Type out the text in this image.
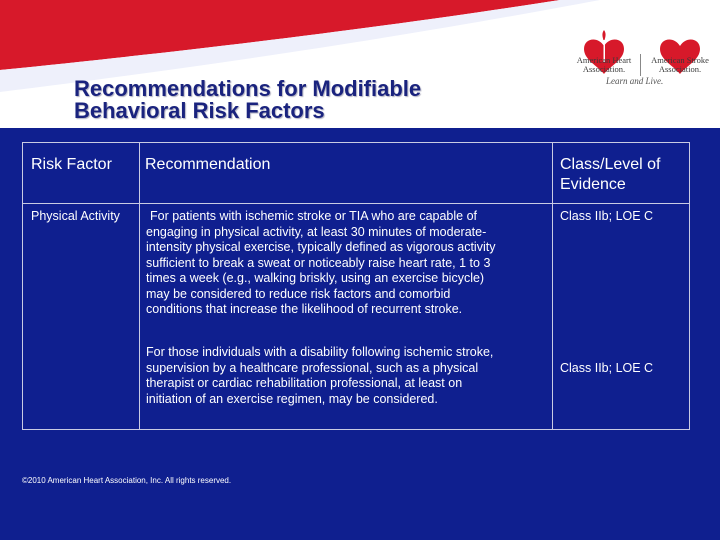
American Heart
Association.
American Stroke
Association.
Learn and Live.
Recommendations for Modifiable
Behavioral Risk Factors
Risk Factor Recommendation	Class/Level of
Evidence
Physical Activity	For patients with ischemic stroke or TIA who are capable of
engaging in physical activity, at least 30 minutes of moderate-
intensity physical exercise, typically defined as vigorous activity
sufficient to break a sweat or noticeably raise heart rate, 1 to 3
times a week (e.g., walking briskly, using an exercise bicycle)
may be considered to reduce risk factors and comorbid
conditions that increase the likelihood of recurrent stroke.
Class IIb; LOE C
For those individuals with a disability following ischemic stroke,
supervision by a healthcare professional, such as a physical
therapist or cardiac rehabilitation professional, at least on
initiation of an exercise regimen, may be considered.
Class IIb; LOE C
©2010 American Heart Association, Inc. All rights reserved.
